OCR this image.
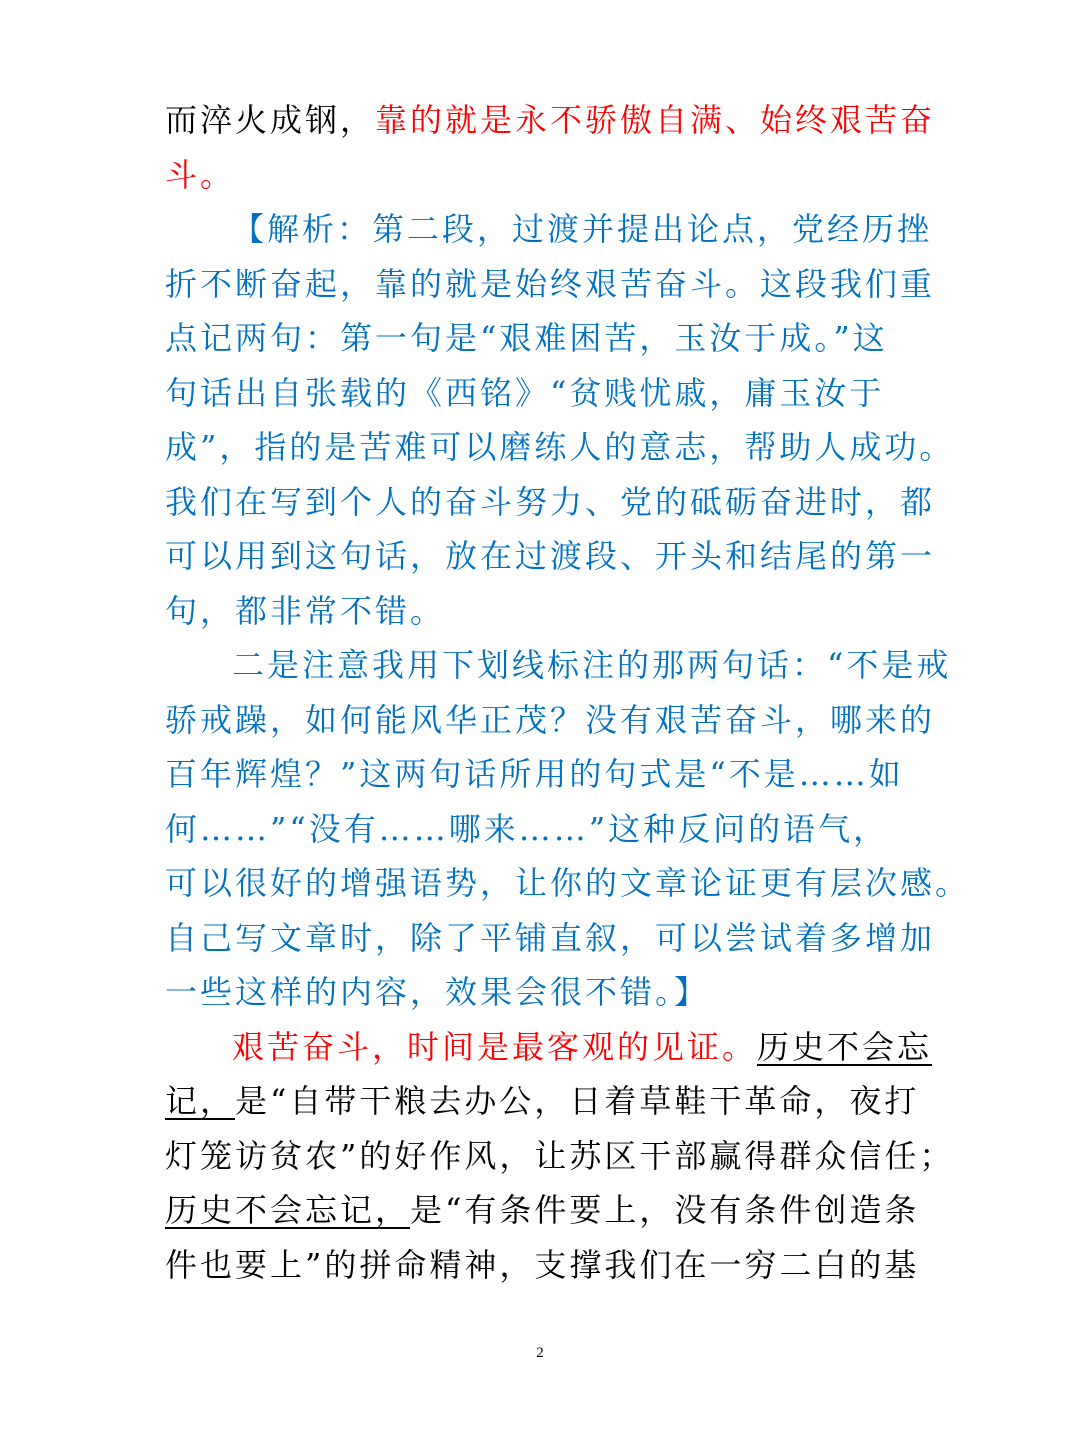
而淬火成钢，靠的就是永不骄傲自满、始终艰苦奋
斗。
【解析：第二段，过渡并提出论点，党经历挫
折不断奋起，靠的就是始终艰苦奋斗。这段我们重
点记两句：第一句是“艰难困苦，玉汝于成。”这
句话出自张载的《西铭》“贫贱忧戚，庸玉汝于
成”，指的是苦难可以磨练人的意志，帮助人成功。
我们在写到个人的奋斗努力、党的砥砺奋进时，都
可以用到这句话，放在过渡段、开头和结尾的第一
句，都非常不错。
二是注意我用下划线标注的那两句话：“不是戒
骄戒躁，如何能风华正茂？没有艰苦奋斗，哪来的
百年辉煌？”这两句话所用的句式是“不是……如
何……”“没有……哪来……”这种反问的语气，
可以很好的增强语势，让你的文章论证更有层次感。
自己写文章时，除了平铺直叙，可以尝试着多增加
一些这样的内容，效果会很不错。】
艰苦奋斗，时间是最客观的见证。历史不会忘
记，是“自带干粮去办公，日着草鞋干革命，夜打
灯笼访贫农”的好作风，让苏区干部赢得群众信任；
历史不会忘记，是“有条件要上，没有条件创造条
件也要上”的拼命精神，支撑我们在一穷二白的基
2
